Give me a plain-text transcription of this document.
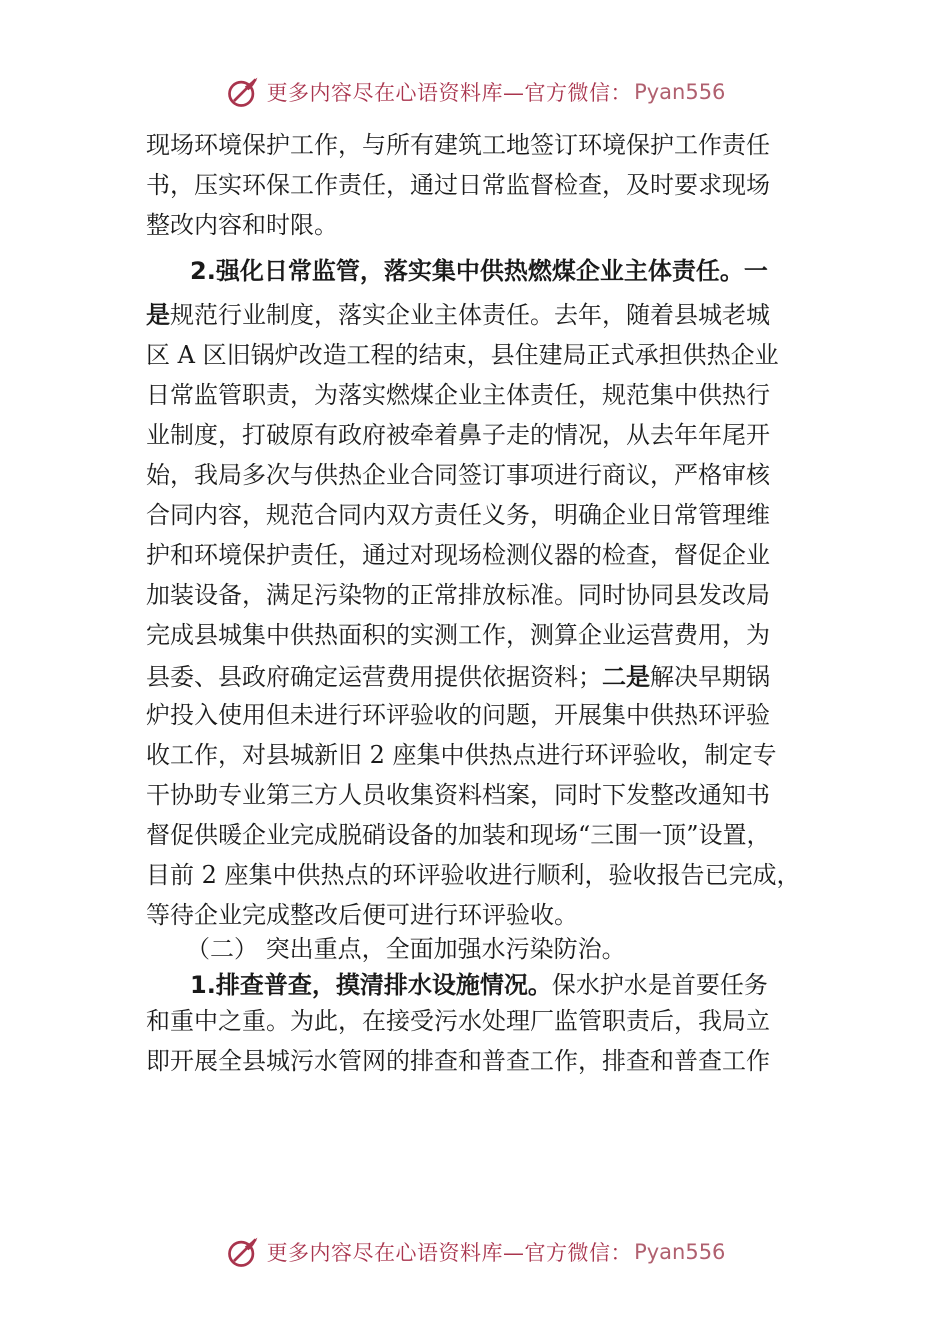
更多内容尽在心语资料库—官方微信： Pyan556
现场环境保护工作，与所有建筑工地签订环境保护工作责任
书，压实环保工作责任，通过日常监督检查，及时要求现场
整改内容和时限。
2.强化日常监管，落实集中供热燃煤企业主体责任。一
是规范行业制度，落实企业主体责任。去年，随着县城老城
区 A 区旧锅炉改造工程的结束，县住建局正式承担供热企业
日常监管职责，为落实燃煤企业主体责任，规范集中供热行
业制度，打破原有政府被牵着鼻子走的情况，从去年年尾开
始，我局多次与供热企业合同签订事项进行商议，严格审核
合同内容，规范合同内双方责任义务，明确企业日常管理维
护和环境保护责任，通过对现场检测仪器的检查，督促企业
加装设备，满足污染物的正常排放标准。同时协同县发改局
完成县城集中供热面积的实测工作，测算企业运营费用，为
县委、县政府确定运营费用提供依据资料；二是解决早期锅
炉投入使用但未进行环评验收的问题，开展集中供热环评验
收工作，对县城新旧 2 座集中供热点进行环评验收，制定专
干协助专业第三方人员收集资料档案，同时下发整改通知书
督促供暖企业完成脱硝设备的加装和现场“三围一顶”设置，
目前 2 座集中供热点的环评验收进行顺利，验收报告已完成，
等待企业完成整改后便可进行环评验收。
（二） 突出重点，全面加强水污染防治。
1.排查普查，摸清排水设施情况。保水护水是首要任务
和重中之重。为此，在接受污水处理厂监管职责后，我局立
即开展全县城污水管网的排查和普查工作，排查和普查工作
更多内容尽在心语资料库—官方微信： Pyan556
